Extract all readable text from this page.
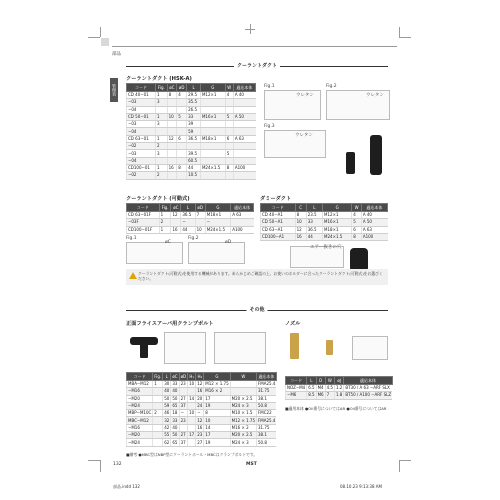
部品
管理表
クーラントダクト
クーラントダクト (HSK-A)
コード	Fig.	øC	øD	L	G	W	適応本体
CD 40−01	1	8	4	29.5	M12×1	4	A 40
−03	3			35.5			
−04				26.5			
CD 50−01	1	10	5	33	M16×1	5	A 50
−03	3			39			
−04				59			
CD 63−01	1	12	6	36.5	M18×1	6	A 63
−02	2						
−03	3			39.5		5	
−04				60.5			
CD100−01	1	16	8	44	M24×1.5	8	A100
−02	2			10.5			
Fig.1	Fig.2
ウレタン	ウレタン
Fig.3
ウレタン
クーラントダクト (可動式)
コード	Fig.	øC	L	øD	G	適応本体
CD 63−01F	1	12	36.5	7	M18×1	A 63
−03F	2		−		−	
CD100−01F	1	16	44	10	M24×1.5	A100
ダミーダクト
コード	C	L	G	W	適応本体
CD 40−A1	8	23.5	M12×1	4	A 40
CD 50−A1	10	33	M16×1	5	A 50
CD 63−A1	12	36.5	M18×1	6	A 63
CD100−A1	16	44	M24×1.5	8	A100
Fig.1	Fig.2
øC	øD
エアー抜きの穴
クーラントダクト(可動式)を使用する機械があります。あらかじめご確認の上、お使いのホルダーに合ったクーラントダクト(可動式)をお選びください。
その他
正面フライスアーバ用クランプボルト
コード	Fig.	L	øC	øD	H₁	H₂	G	W	適応本体
MBA−M12	1	30	33	23	10	12	M12 × 1.75		FMA25.4
−M16		40	40			16	M16 × 2		31.75
−M20		50	50	27	14	20	17	M20 × 2.5	38.1
−M24		59	65	37		24	19	M24 × 3	50.8
MBP−M10C	2	46	18	−	10	−	8	M10 × 1.5	FMC22
MBC−M12		32	33	23		12	10	M12 × 1.75	FMA25.4
−M16		42	40			16	14	M16 × 2	31.75
−M20		55	50	27	17	23	17	M20 × 2.5	38.1
−M24		62	65	37		27	19	M24 × 3	50.8
ノズル
コード	L	D	W	øJ	適応本体
NOZ−M4	6.5	M4	4.5	1.2	BT30 / A 63 −ARF SLX
−M6	8.5	M6	7	1.8	BT50 / A100 −ARF SLZ
■適用本体 ●Oil番号についてはAR ●Oil番号についてはAR
■備考 ●MBC型はNBP型にクーラントホール・MBCはクランプボルトです。
132	MST
部品.indd 132	08.10.23 9:13:38 AM
